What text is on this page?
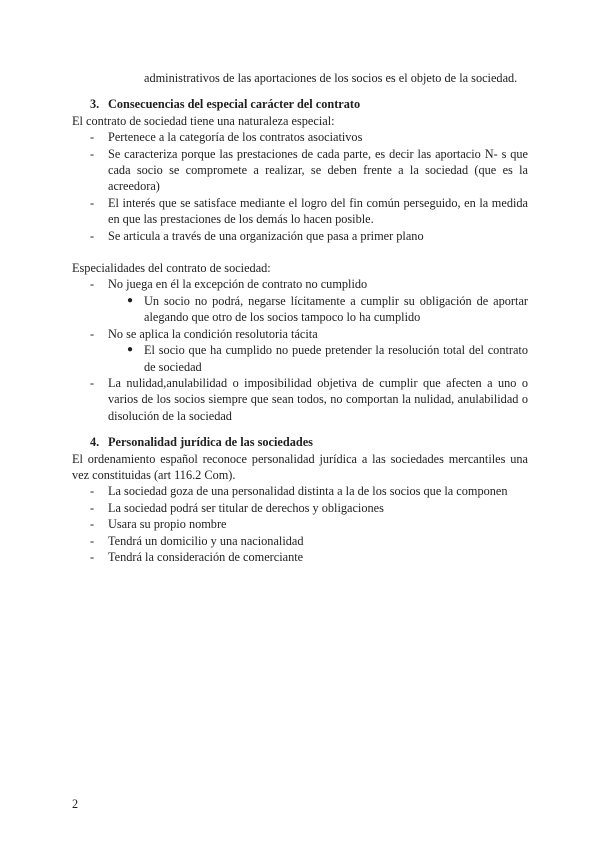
administrativos de las aportaciones de los socios es el objeto de la sociedad.

3. Consecuencias del especial carácter del contrato

El contrato de sociedad tiene una naturaleza especial:

- Pertenece a la categoría de los contratos asociativos
- Se caracteriza porque las prestaciones de cada parte, es decir las aportacio N- s que cada socio se compromete a realizar, se deben frente a la sociedad (que es la acreedora)
- El interés que se satisface mediante el logro del fin común perseguido, en la medida en que las prestaciones de los demás lo hacen posible.
- Se articula a través de una organización que pasa a primer plano

Especialidades del contrato de sociedad:

- No juega en él la excepción de contrato no cumplido
● Un socio no podrá, negarse lícitamente a cumplir su obligación de aportar alegando que otro de los socios tampoco lo ha cumplido
- No se aplica la condición resolutoria tácita
● El socio que ha cumplido no puede pretender la resolución total del contrato de sociedad
- La nulidad,anulabilidad o imposibilidad objetiva de cumplir que afecten a uno o varios de los socios siempre que sean todos, no comportan la nulidad, anulabilidad o disolución de la sociedad

4. Personalidad jurídica de las sociedades

El ordenamiento español reconoce personalidad jurídica a las sociedades mercantiles una vez constituidas (art 116.2 Com).

- La sociedad goza de una personalidad distinta a la de los socios que la componen
- La sociedad podrá ser titular de derechos y obligaciones
- Usara su propio nombre
- Tendrá un domicilio y una nacionalidad
- Tendrá la consideración de comerciante
2
